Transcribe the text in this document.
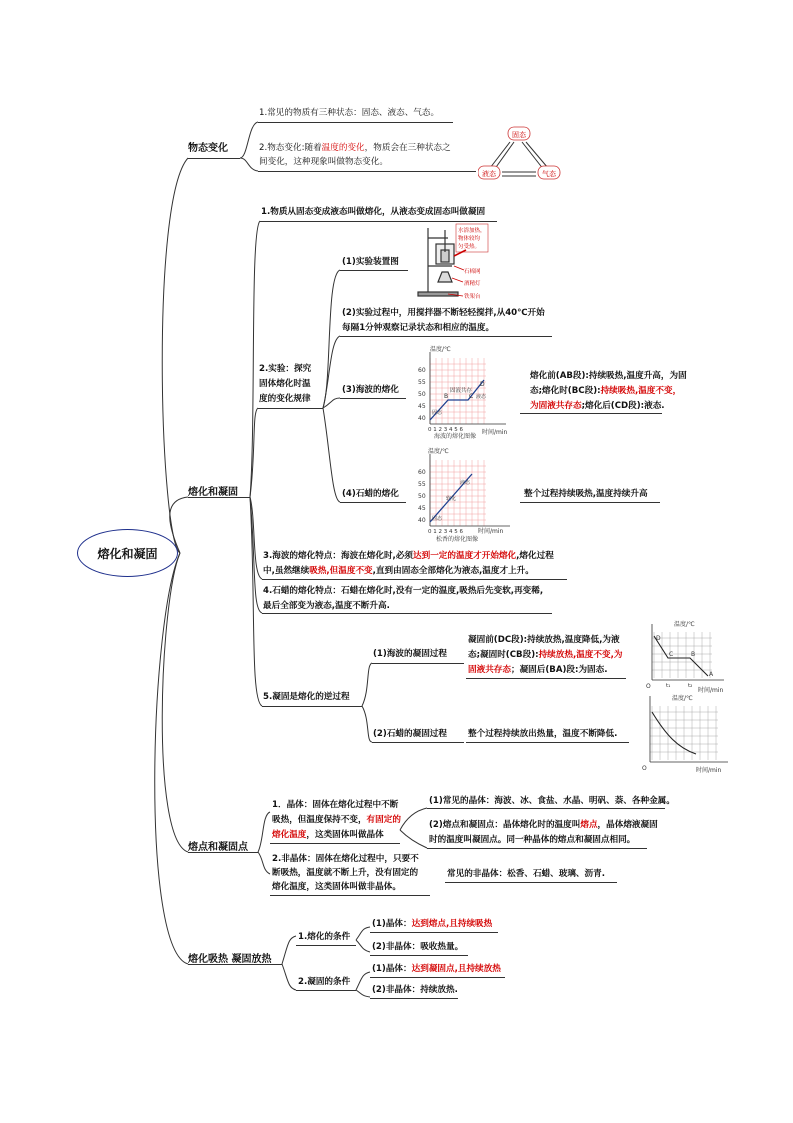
熔化和凝固
物态变化
1.常见的物质有三种状态：固态、液态、气态。
2.物态变化:随着温度的变化，物质会在三种状态之
间变化，这种现象叫做物态变化。
固态
液态	气态
熔化和凝固
1.物质从固态变成液态叫做熔化，从液态变成固态叫做凝固
2.实验：探究
固体熔化时温
度的变化规律
(1)实验装置图
水浴加热，
物体较均
匀受热。
石棉网
酒精灯
铁架台
(2)实验过程中，用搅拌器不断轻轻搅拌,从40℃开始
每隔1分钟观察记录状态和相应的温度。
(3)海波的熔化
温度/℃
60
55
50
45
40
0 1 2 3 4 5 6	时间/min
海波的熔化图像
固液共存
B	C
D
固态
液态
熔化前(AB段):持续吸热,温度升高，为固
态;熔化时(BC段):持续吸热,温度不变，
为固液共存态;熔化后(CD段):液态.
(4)石蜡的熔化
温度/℃
60
55
50
45
40
0 1 2 3 4 5 6	时间/min
松香的熔化图像
固态
软化
液态
整个过程持续吸热,温度持续升高
3.海波的熔化特点：海波在熔化时,必须达到一定的温度才开始熔化,熔化过程
中,虽然继续吸热,但温度不变,直到由固态全部熔化为液态,温度才上升。
4.石蜡的熔化特点：石蜡在熔化时,没有一定的温度,吸热后先变软,再变稀,
最后全部变为液态,温度不断升高.
5.凝固是熔化的逆过程
(1)海波的凝固过程
凝固前(DC段):持续放热,温度降低,为液
态;凝固时(CB段):持续放热,温度不变,为
固液共存态；凝固后(BA)段:为固态.
温度/℃
O	t₁	t₂
时间/min
D
C	B
A
(2)石蜡的凝固过程 整个过程持续放出热量，温度不断降低.
温度/℃
O	时间/min
熔点和凝固点
1．晶体：固体在熔化过程中不断
吸热，但温度保持不变，有固定的
熔化温度，这类固体叫做晶体
(1)常见的晶体：海波、冰、食盐、水晶、明矾、萘、各种金属。
(2)熔点和凝固点：晶体熔化时的温度叫熔点，晶体熔液凝固
时的温度叫凝固点。同一种晶体的熔点和凝固点相同。
2.非晶体：固体在熔化过程中，只要不
断吸热，温度就不断上升，没有固定的
熔化温度，这类固体叫做非晶体。
常见的非晶体：松香、石蜡、玻璃、沥青.
熔化吸热 凝固放热
1.熔化的条件
(1)晶体：达到熔点,且持续吸热
(2)非晶体：吸收热量。
2.凝固的条件
(1)晶体：达到凝固点,且持续放热
(2)非晶体：持续放热.
